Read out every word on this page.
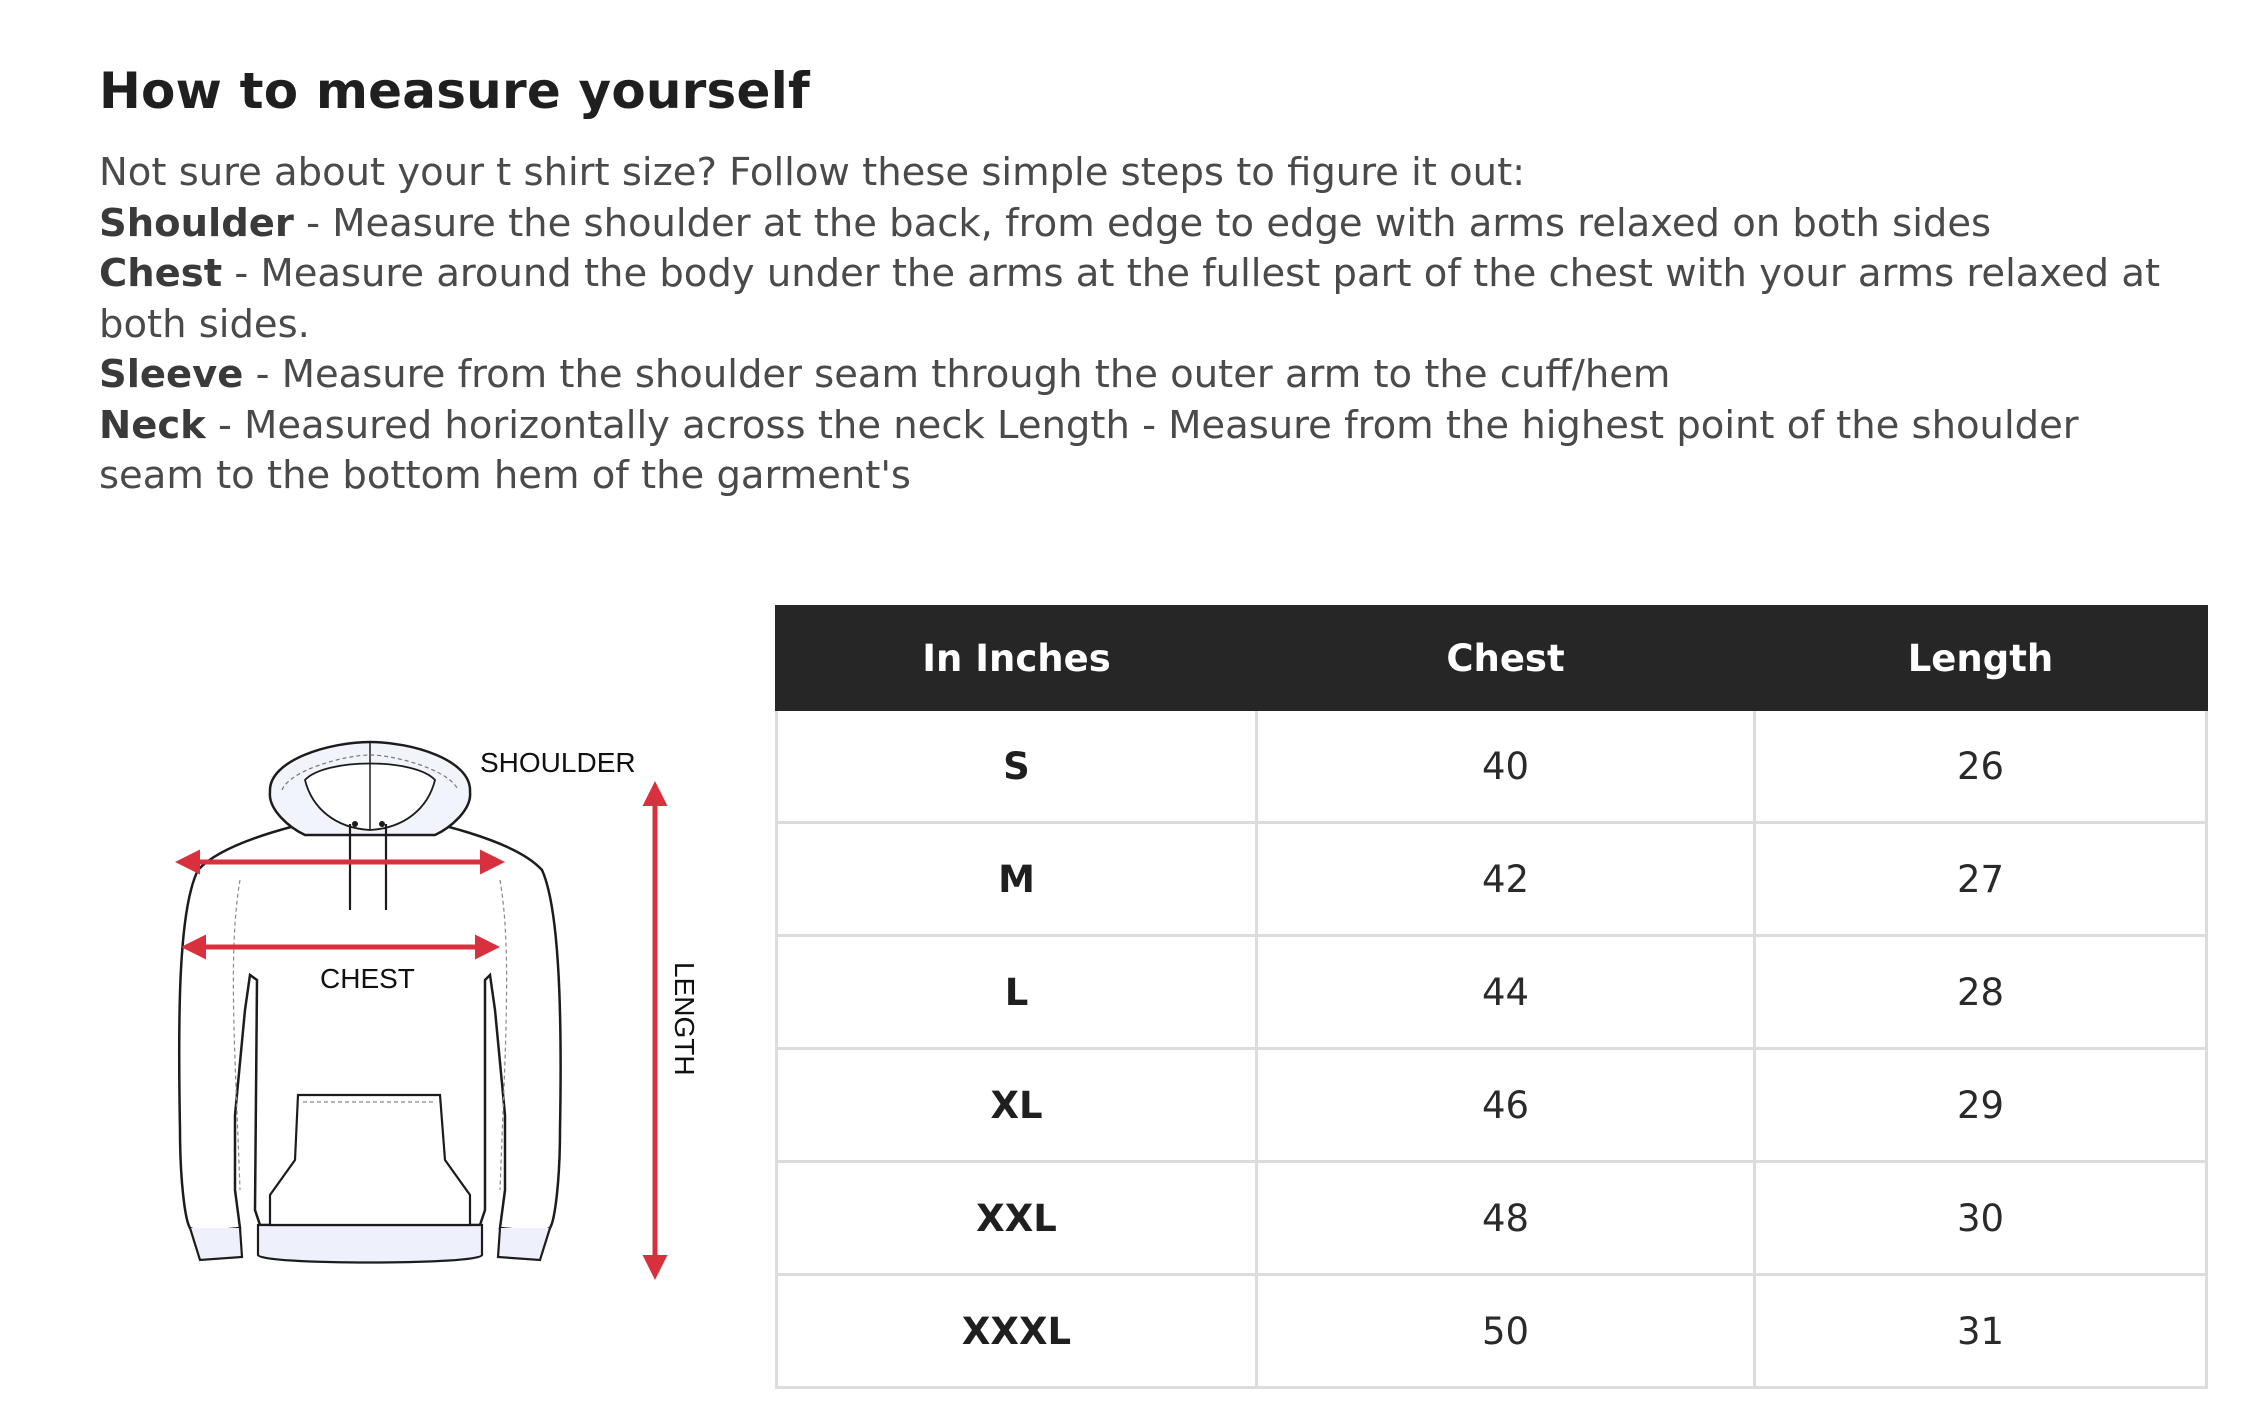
How to measure yourself

Not sure about your t shirt size? Follow these simple steps to figure it out:

Shoulder - Measure the shoulder at the back, from edge to edge with arms relaxed on both sides

Chest - Measure around the body under the arms at the fullest part of the chest with your arms relaxed at both sides.

Sleeve - Measure from the shoulder seam through the outer arm to the cuff/hem

Neck - Measured horizontally across the neck Length - Measure from the highest point of the shoulder seam to the bottom hem of the garment's

SHOULDER
CHEST	LENGTH
In Inches	Chest	Length
S	40	26
M	42	27
L	44	28
XL	46	29
XXL	48	30
XXXL	50	31
